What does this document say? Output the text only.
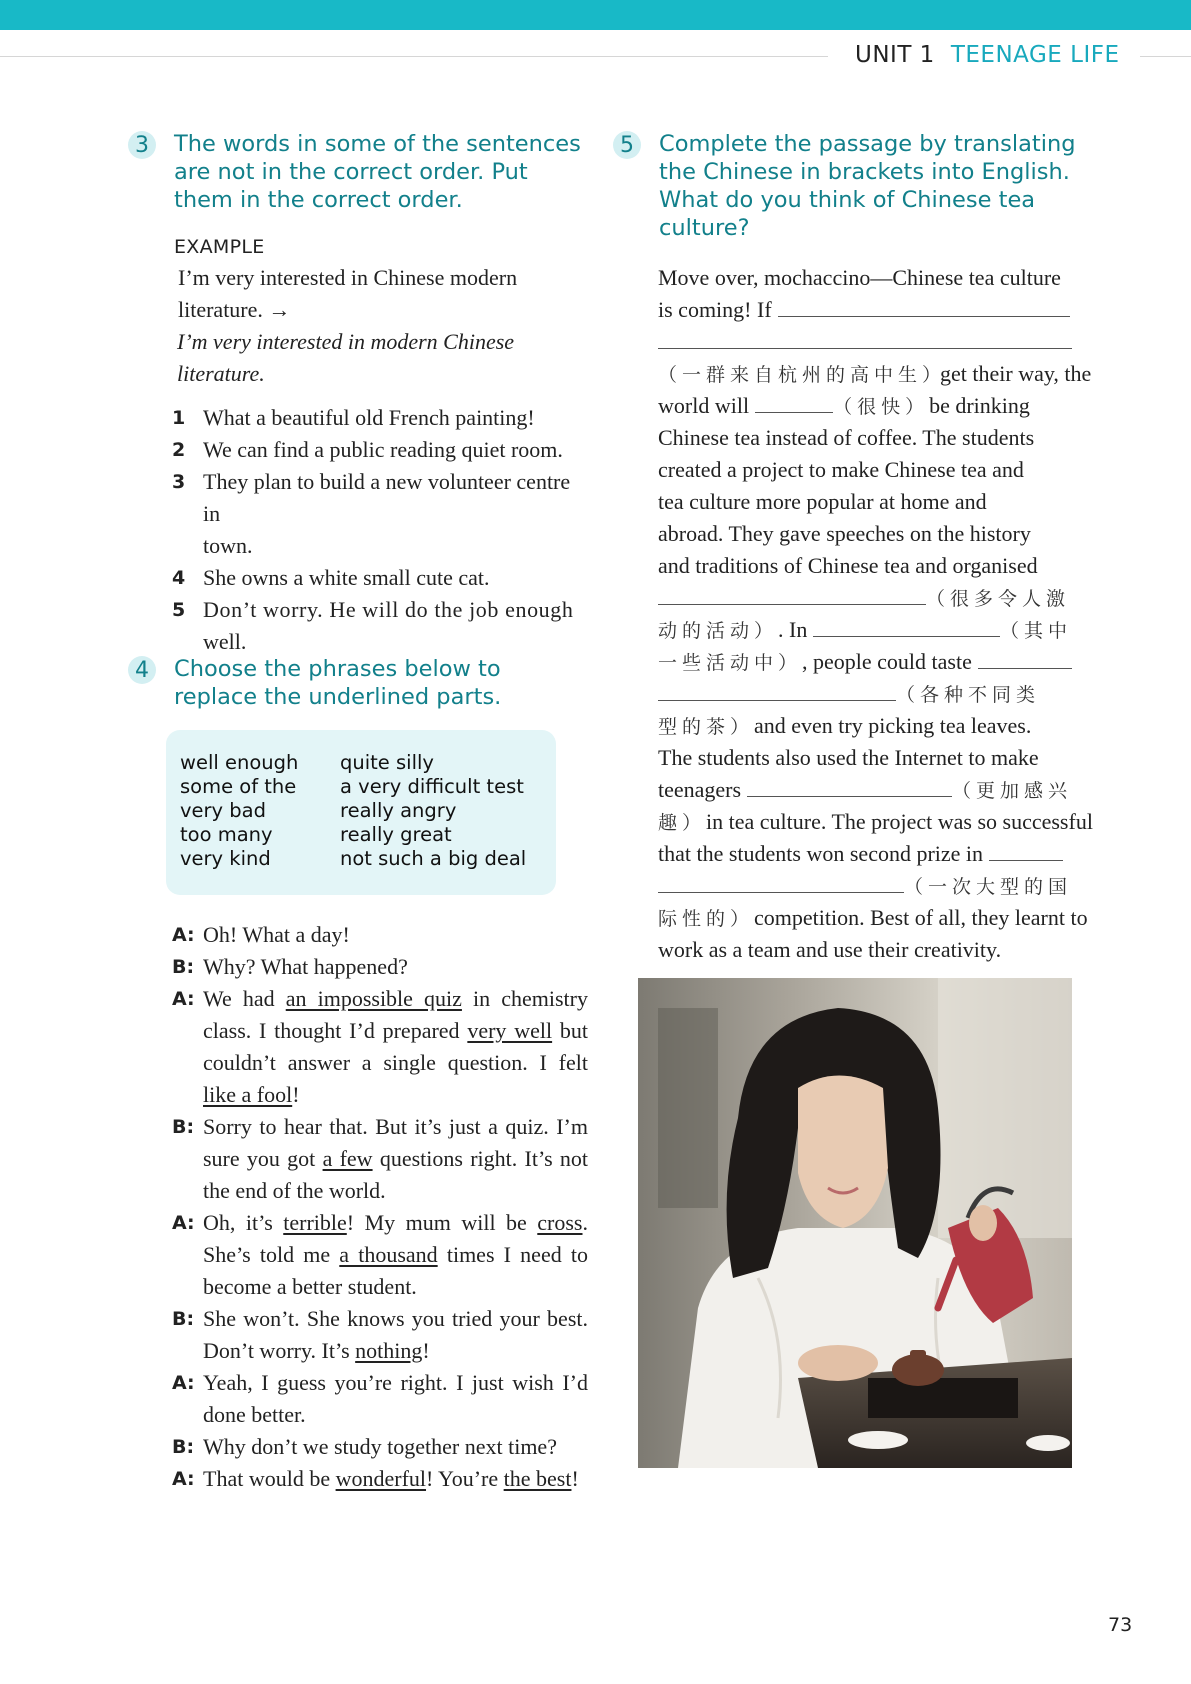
UNIT 1 TEENAGE LIFE
3	The words in some of the sentences
are not in the correct order. Put
them in the correct order.
EXAMPLE
I’m very interested in Chinese modern
literature. →
I’m very interested in modern Chinese
literature.
1 What a beautiful old French painting!
2 We can find a public reading quiet room.
3 They plan to build a new volunteer centre in
town.
4 She owns a white small cute cat.
5 Don’t worry. He will do the job enough
well.
4	Choose the phrases below to
replace the underlined parts.
well enough
some of the
very bad
too many
very kind
quite silly
a very difficult test
really angry
really great
not such a big deal
A: Oh! What a day!
B: Why? What happened?
A: We had an impossible quiz in chemistry class. I thought I’d prepared very well but couldn’t answer a single question. I felt like a fool!
B: Sorry to hear that. But it’s just a quiz. I’m sure you got a few questions right. It’s not the end of the world.
A: Oh, it’s terrible! My mum will be cross. She’s told me a thousand times I need to become a better student.
B: She won’t. She knows you tried your best. Don’t worry. It’s nothing!
A: Yeah, I guess you’re right. I just wish I’d done better.
B: Why don’t we study together next time?
A: That would be wonderful! You’re the best!
5	Complete the passage by translating
the Chinese in brackets into English.
What do you think of Chinese tea
culture?
Move over, mochaccino—Chinese tea culture
is coming! If
（一群来自杭州的高中生）
get their way, the
world will	（很快） be drinking
Chinese tea instead of coffee. The students
created a project to make Chinese tea and
tea culture more popular at home and
abroad. They gave speeches on the history
and traditions of Chinese tea and organised
（很多令人激
动的活动） . In	（其中
一些活动中） , people could taste
（各种不同类
型的茶） and even try picking tea leaves.
The students also used the Internet to make
teenagers	（更加感兴
趣） in tea culture. The project was so successful
that the students won second prize in
（一次大型的国
际性的） competition. Best of all, they learnt to
work as a team and use their creativity.
73
